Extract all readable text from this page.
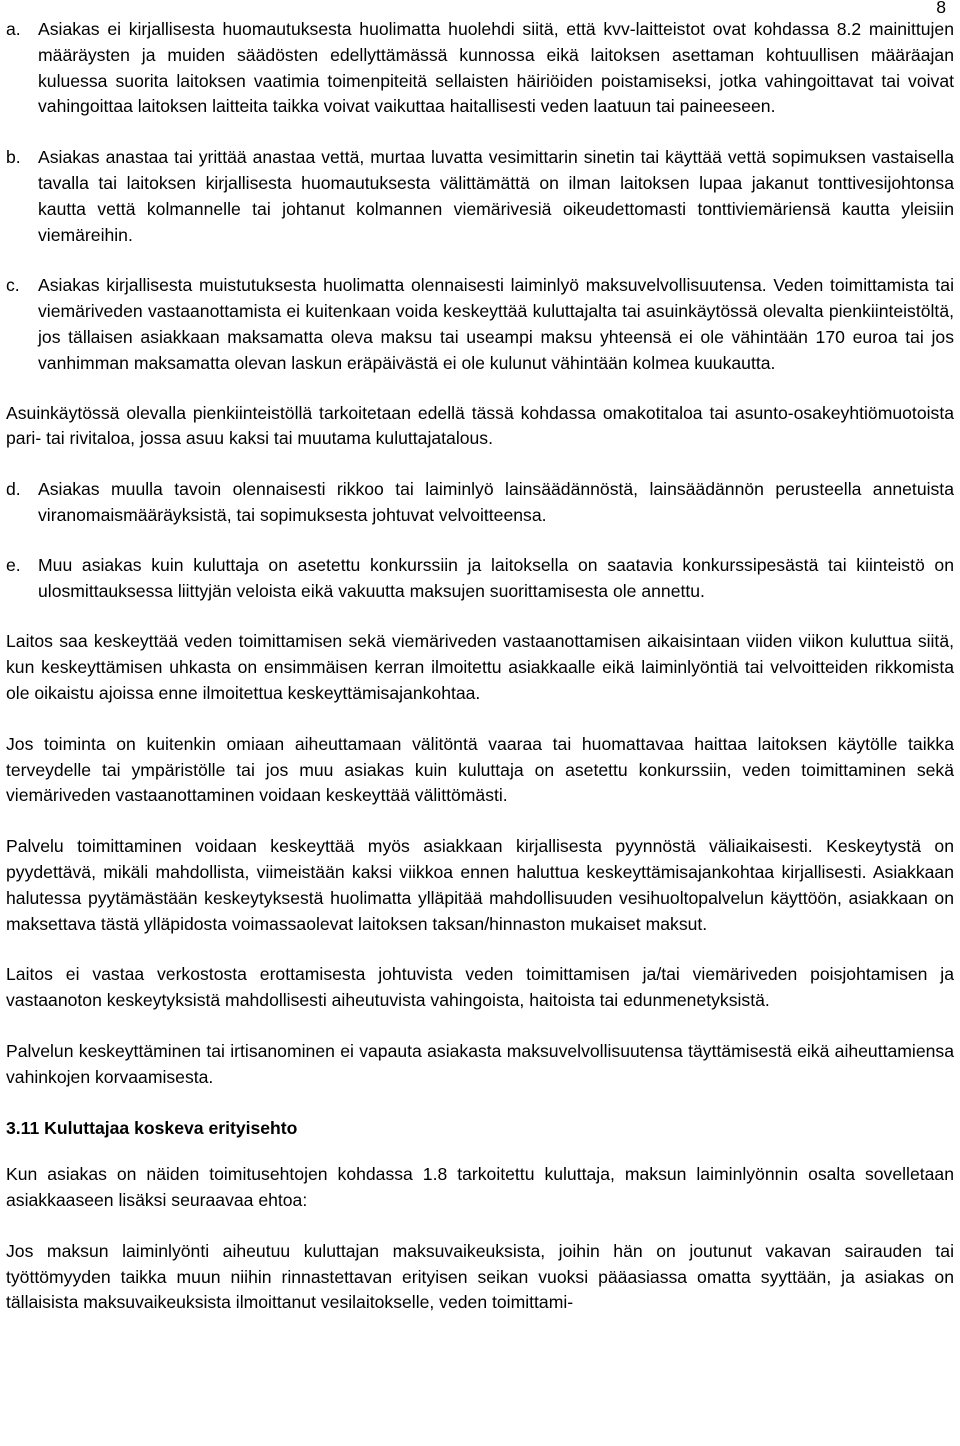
8
a. Asiakas ei kirjallisesta huomautuksesta huolimatta huolehdi siitä, että kvv-laitteistot ovat kohdassa 8.2 mainittujen määräysten ja muiden säädösten edellyttämässä kunnossa eikä laitoksen asettaman kohtuullisen määräajan kuluessa suorita laitoksen vaatimia toimenpiteitä sellaisten häiriöiden poistamiseksi, jotka vahingoittavat tai voivat vahingoittaa laitoksen laitteita taikka voivat vaikuttaa haitallisesti veden laatuun tai paineeseen.

b. Asiakas anastaa tai yrittää anastaa vettä, murtaa luvatta vesimittarin sinetin tai käyttää vettä sopimuksen vastaisella tavalla tai laitoksen kirjallisesta huomautuksesta välittämättä on ilman laitoksen lupaa jakanut tonttivesijohtonsa kautta vettä kolmannelle tai johtanut kolmannen viemärivesiä oikeudettomasti tonttiviemäriensä kautta yleisiin viemäreihin.

c. Asiakas kirjallisesta muistutuksesta huolimatta olennaisesti laiminlyö maksuvelvollisuutensa. Veden toimittamista tai viemäriveden vastaanottamista ei kuitenkaan voida keskeyttää kuluttajalta tai asuinkäytössä olevalta pienkiinteistöltä, jos tällaisen asiakkaan maksamatta oleva maksu tai useampi maksu yhteensä ei ole vähintään 170 euroa tai jos vanhimman maksamatta olevan laskun eräpäivästä ei ole kulunut vähintään kolmea kuukautta.

Asuinkäytössä olevalla pienkiinteistöllä tarkoitetaan edellä tässä kohdassa omakotitaloa tai asunto-osakeyhtiömuotoista pari- tai rivitaloa, jossa asuu kaksi tai muutama kuluttajatalous.

d. Asiakas muulla tavoin olennaisesti rikkoo tai laiminlyö lainsäädännöstä, lainsäädännön perusteella annetuista viranomaismääräyksistä, tai sopimuksesta johtuvat velvoitteensa.

e. Muu asiakas kuin kuluttaja on asetettu konkurssiin ja laitoksella on saatavia konkurssipesästä tai kiinteistö on ulosmittauksessa liittyjän veloista eikä vakuutta maksujen suorittamisesta ole annettu.

Laitos saa keskeyttää veden toimittamisen sekä viemäriveden vastaanottamisen aikaisintaan viiden viikon kuluttua siitä, kun keskeyttämisen uhkasta on ensimmäisen kerran ilmoitettu asiakkaalle eikä laiminlyöntiä tai velvoitteiden rikkomista ole oikaistu ajoissa enne ilmoitettua keskeyttämisajankohtaa.

Jos toiminta on kuitenkin omiaan aiheuttamaan välitöntä vaaraa tai huomattavaa haittaa laitoksen käytölle taikka terveydelle tai ympäristölle tai jos muu asiakas kuin kuluttaja on asetettu konkurssiin, veden toimittaminen sekä viemäriveden vastaanottaminen voidaan keskeyttää välittömästi.

Palvelu toimittaminen voidaan keskeyttää myös asiakkaan kirjallisesta pyynnöstä väliaikaisesti. Keskeytystä on pyydettävä, mikäli mahdollista, viimeistään kaksi viikkoa ennen haluttua keskeyttämisajankohtaa kirjallisesti. Asiakkaan halutessa pyytämästään keskeytyksestä huolimatta ylläpitää mahdollisuuden vesihuoltopalvelun käyttöön, asiakkaan on maksettava tästä ylläpidosta voimassaolevat laitoksen taksan/hinnaston mukaiset maksut.

Laitos ei vastaa verkostosta erottamisesta johtuvista veden toimittamisen ja/tai viemäriveden poisjohtamisen ja vastaanoton keskeytyksistä mahdollisesti aiheutuvista vahingoista, haitoista tai edunmenetyksistä.

Palvelun keskeyttäminen tai irtisanominen ei vapauta asiakasta maksuvelvollisuutensa täyttämisestä eikä aiheuttamiensa vahinkojen korvaamisesta.

3.11 Kuluttajaa koskeva erityisehto

Kun asiakas on näiden toimitusehtojen kohdassa 1.8 tarkoitettu kuluttaja, maksun laiminlyönnin osalta sovelletaan asiakkaaseen lisäksi seuraavaa ehtoa:

Jos maksun laiminlyönti aiheutuu kuluttajan maksuvaikeuksista, joihin hän on joutunut vakavan sairauden tai työttömyyden taikka muun niihin rinnastettavan erityisen seikan vuoksi pääasiassa omatta syyttään, ja asiakas on tällaisista maksuvaikeuksista ilmoittanut vesilaitokselle, veden toimittami-
